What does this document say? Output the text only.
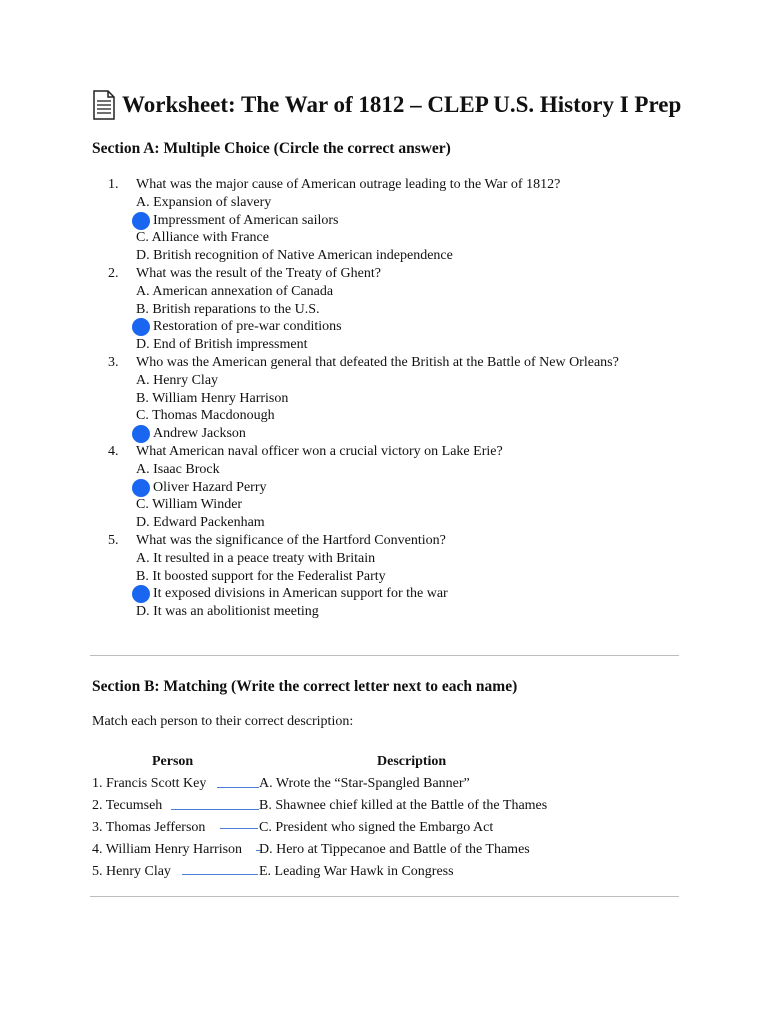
Worksheet: The War of 1812 – CLEP U.S. History I Prep
Section A: Multiple Choice (Circle the correct answer)
1. What was the major cause of American outrage leading to the War of 1812?
A. Expansion of slavery
Impressment of American sailors
C. Alliance with France
D. British recognition of Native American independence
2. What was the result of the Treaty of Ghent?
A. American annexation of Canada
B. British reparations to the U.S.
Restoration of pre-war conditions
D. End of British impressment
3. Who was the American general that defeated the British at the Battle of New Orleans?
A. Henry Clay
B. William Henry Harrison
C. Thomas Macdonough
Andrew Jackson
4. What American naval officer won a crucial victory on Lake Erie?
A. Isaac Brock
Oliver Hazard Perry
C. William Winder
D. Edward Packenham
5. What was the significance of the Hartford Convention?
A. It resulted in a peace treaty with Britain
B. It boosted support for the Federalist Party
It exposed divisions in American support for the war
D. It was an abolitionist meeting
Section B: Matching (Write the correct letter next to each name)
Match each person to their correct description:
Person	Description
1. Francis Scott Key	A. Wrote the “Star-Spangled Banner”
2. Tecumseh	B. Shawnee chief killed at the Battle of the Thames
3. Thomas Jefferson	C. President who signed the Embargo Act
4. William Henry Harrison D. Hero at Tippecanoe and Battle of the Thames
5. Henry Clay	E. Leading War Hawk in Congress
